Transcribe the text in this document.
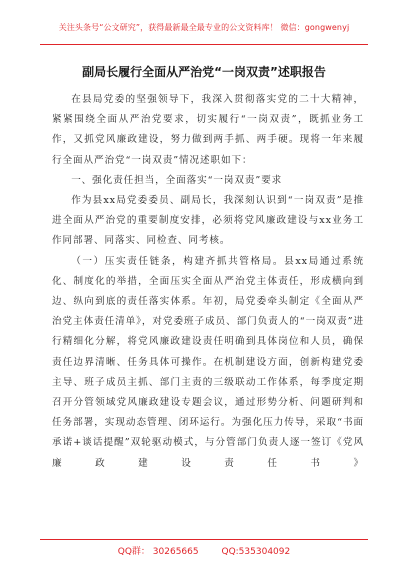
关注头条号“公文研究”，获得最新最全最专业的公文资料库！ 微信：gongwenyj
副局长履行全面从严治党“一岗双责”述职报告

在县局党委的坚强领导下，我深入贯彻落实党的二十大精神，紧紧围绕全面从严治党要求，切实履行“一岗双责”，既抓业务工作，又抓党风廉政建设，努力做到两手抓、两手硬。现将一年来履行全面从严治党“一岗双责”情况述职如下：

一、强化责任担当，全面落实“一岗双责”要求

作为县xx局党委委员、副局长，我深刻认识到“一岗双责”是推进全面从严治党的重要制度安排，必须将党风廉政建设与xx业务工作同部署、同落实、同检查、同考核。

（一）压实责任链条，构建齐抓共管格局。县xx局通过系统化、制度化的举措，全面压实全面从严治党主体责任，形成横向到边、纵向到底的责任落实体系。年初，局党委牵头制定《全面从严治党主体责任清单》，对党委班子成员、部门负责人的“一岗双责”进行精细化分解，将党风廉政建设责任明确到具体岗位和人员，确保责任边界清晰、任务具体可操作。在机制建设方面，创新构建党委主导、班子成员主抓、部门主责的三级联动工作体系，每季度定期召开分管领域党风廉政建设专题会议，通过形势分析、问题研判和任务部署，实现动态管理、闭环运行。为强化压力传导，采取“书面承诺+谈话提醒”双轮驱动模式，与分管部门负责人逐一签订《党风廉政建设责任书》

QQ群： 30265665	QQ:535304092
